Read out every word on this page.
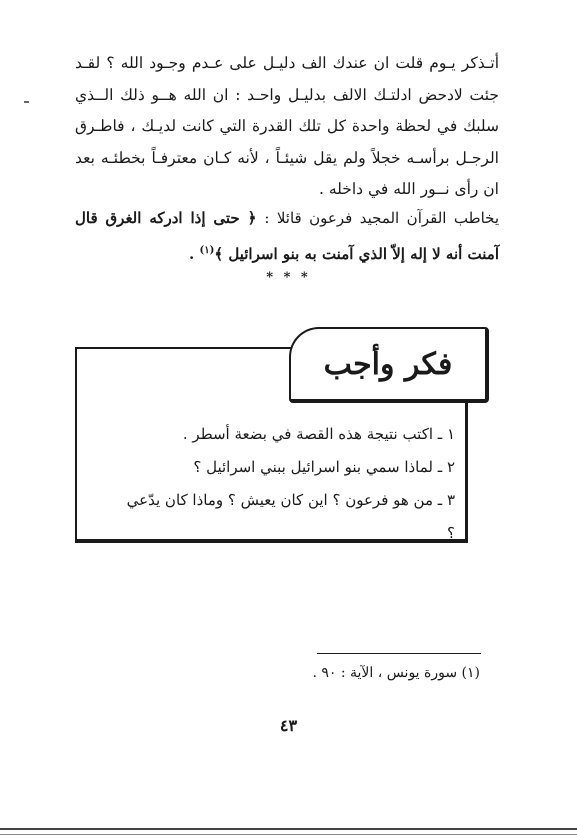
أتـذكر يـوم قلت ان عندك الف دليـل على عـدم وجـود الله ؟ لقـد جئت لادحض ادلتـك الالف بدليـل واحـد : ان الله هــو ذلك الــذي سلبك في لحظة واحدة كل تلك القدرة التي كانت لديـك ، فاطـرق الرجـل برأسـه خجلاً ولم يقل شيئـاً ، لأنه كـان معترفـاً بخطئـه بعد ان رأى نــور الله في داخله .

يخاطب القرآن المجيد فرعون قائلا : ﴿ حتى إذا ادركه الغرق قال آمنت أنه لا إله إلاّ الذي آمنت به بنو اسرائيل ﴾$^{(١)}$ .

* * *
فكر وأجب
١ ـ اكتب نتيجة هذه القصة في بضعة أسطر .
٢ ـ لماذا سمي بنو اسرائيل ببني اسرائيل ؟
٣ ـ من هو فرعون ؟ اين كان يعيش ؟ وماذا كان يدّعي ؟
(١) سورة يونس ، الآية : ٩٠ .
٤٣
